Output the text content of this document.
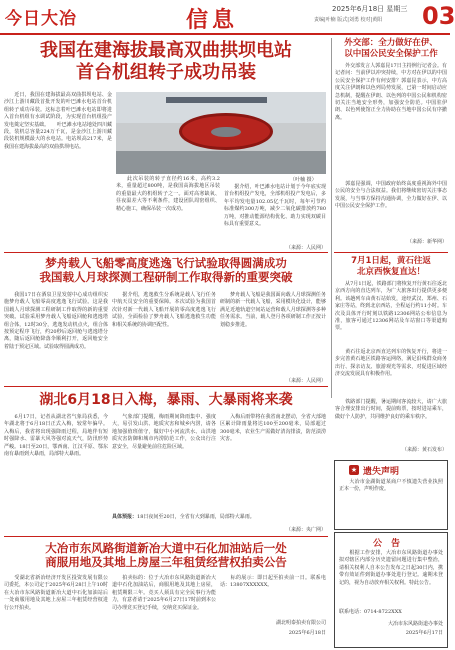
今日大冶	信息	2025年6月18日 星期三
责编|叶楠 版式|刘勇 校对|黄阳 03
我国在建海拔最高双曲拱坝电站
首台机组转子成功吊装
　　近日，我国在建海拔最高双曲拱坝电站、金沙江上游川藏段首批开发的叶巴滩水电站首台机组转子成功吊装。这标志着叶巴滩水电站即将进入首台机组有水调试阶段，为实现首台机组投产发电奠定坚实基础。　　叶巴滩水电站地处四川藏段，装机总容量224万千瓦，是金沙江上游川藏段装机规模最大的水电站。电站坝高217米，是我国在建海拔最高的双曲拱坝电站。
（叶楠 摄）
　　此次吊装的转子直径约16米，高约3.2米，重量超过800吨，是我国高海拔地区吊装的重量最大的机组转子之一。面对高寒缺氧、昼夜温差大等不利条件，建设团队周密组织、精心施工，确保吊装一次成功。
　　据介绍，叶巴滩水电站计划于今年底实现首台机组投产发电，全部机组投产发电后，多年平均发电量102.05亿千瓦时，每年可节约标准煤约300万吨，减少二氧化碳排放约780万吨，对推动能源结构优化、助力实现双碳目标具有重要意义。
（来源：人民网）
外交部：全力做好在伊、
以中国公民安全保护工作
　　外交部发言人郭嘉昆17日主持例行记者会。有记者问：当前伊以冲突持续，中方对在伊以的中国公民安全保护工作有何安排？郭嘉昆表示，中方高度关注伊朗和以色列局势发展，已第一时间启动应急机制，提醒在伊朗、以色列的中国公民和机构密切关注当地安全形势，加强安全防范。中国驻伊朗、以色列使馆正全力协助在当地中国公民有序撤离。
　　郭嘉昆强调，中国政府始终高度重视海外中国公民的安全与合法权益。我们将继续密切关注事态发展，与当事方保持沟通协调，全力做好在伊、以中国公民安全保护工作。
（来源：新华网）
梦舟载人飞船零高度逃逸飞行试验取得圆满成功
我国载人月球探测工程研制工作取得新的重要突破
　　我国17日在酒泉卫星发射中心成功组织实施梦舟载人飞船零高度逃逸飞行试验。这是我国载人月球探测工程研制工作取得的新的重要突破。试验采用梦舟载人飞船返回舱和逃逸塔组合体，12时30分，逃逸发动机点火，组合体按预定程序飞行，约20秒后返回舱与逃逸塔分离，随后返回舱降落伞顺利打开，返回舱安全着陆于预定区域。试验取得圆满成功。
　　据介绍，逃逸救生分系统是载人飞行任务中航天员安全的重要保障。本次试验为我国首次针对新一代载人飞船开展的零高度逃逸飞行试验，全面检验了梦舟载人飞船逃逸救生功能和相关系统的协调匹配性。
　　梦舟载人飞船是我国面向载人月球探测任务研制的新一代载人飞船，采用模块化设计，能够满足近地轨道空间站运营和载人月球探测等多种任务需求。当前，载人登月各项研制工作正按计划稳步推进。
（来源：人民网）
7月1日起，黄石往返
北京西恢复直达！
　　从7月1日起，铁路部门将恢复开行黄石往返北京西方向的直达列车，为广大旅客出行提供更多便利。该趟列车由黄石站始发，途经武汉、郑州、石家庄等站，终到北京西站，全程运行约11小时。车次及具体开行时刻以铁路12306网站公布信息为准，旅客可通过12306网站及车站窗口等渠道购票。
　　黄石往返北京西直达列车的恢复开行，将进一步完善黄石地区铁路客运网络，满足沿线群众商务出行、探亲访友、旅游观光等需求，对促进区域经济交流发展具有积极作用。
　　铁路部门提醒，暑运期间客流较大，请广大旅客合理安排出行时间，提前购票，按时进站乘车，做好个人防护，共同维护良好的乘车秩序。
（来源：黄石发布）
湖北6月18日入梅，暴雨、大暴雨将来袭
　　6月17日，记者从湖北省气象局获悉，今年湖北将于6月18日正式入梅，较常年偏早。入梅后，我省将出现强降雨过程，局地伴有短时强降水、雷暴大风等强对流天气，防汛形势严峻。18日至20日，鄂西南、江汉平原、鄂东南有暴雨到大暴雨，局部特大暴雨。
　　气象部门提醒，梅雨期间降雨集中、强度大，易引发山洪、地质灾害和城乡内涝，请各地加强值班值守，做好中小河流洪水、山洪地质灾害防御和城市内涝防范工作，公众出行注意安全，尽量避免前往危险区域。
　　入梅后雨带将在我省南北摆动，全省大部地区累计降雨量将达100至200毫米，局部超过300毫米，农业生产需做好清沟排渍，防范渍涝灾害。
具体预报：18日夜间至20日，全省有大到暴雨，局部特大暴雨。
（来源：央广网）
★ 遗失声明
　　大冶市金湖街道某商户不慎遗失营业执照正本一份，声明作废。
公　告
　　根据工作安排，大冶市东风路街道办事处拟对辖区内部分历史遗留问题进行集中整治，请相关权利人自本公告发布之日起30日内，携带有效证件到街道办事处进行登记。逾期未登记的，视为自动放弃相关权利。特此公告。
联系电话：0714-8722XXX
大冶市东风路街道办事处
2025年6月17日
大冶市东风路街道新冶大道中石化加油站后一处
商服用地及其地上房屋三年租赁经营权拍卖公告
　　受湖北省新冶经济开发区投资发展有限公司委托，本公司定于2025年6月28日上午10时在大冶市东风路街道新冶大道中石化加油站后一处商服用地及其地上房屋三年租赁经营权进行公开拍卖。
　　拍卖标的：位于大冶市东风路街道新冶大道中石化加油站后，商服用地及其地上房屋，租赁期限三年。竞买人须具有完全民事行为能力，有意者请于2025年6月27日17时前到本公司办理竞买登记手续，交纳竞买保证金。
　　标的展示：即日起至拍卖前一日。联系电话：13807XXXXXX。
湖北明泰拍卖有限公司
2025年6月18日
